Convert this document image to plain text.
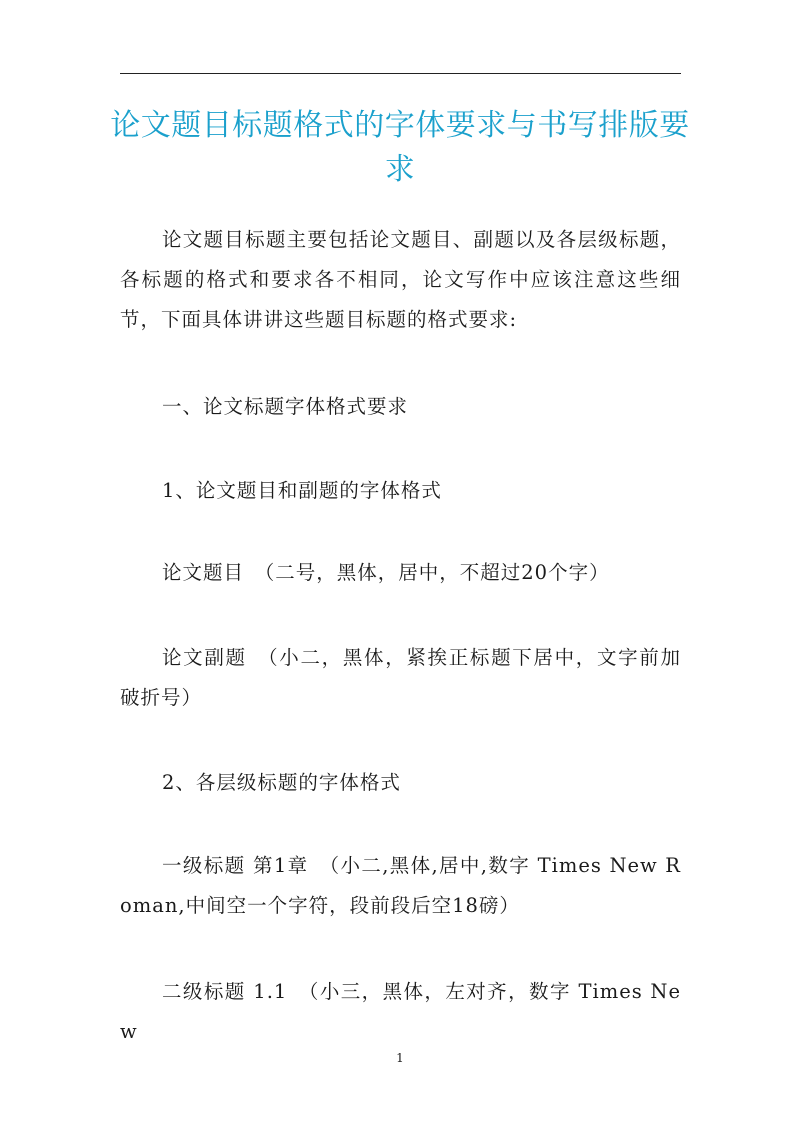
论文题目标题格式的字体要求与书写排版要求

论文题目标题主要包括论文题目、副题以及各层级标题，各标题的格式和要求各不相同，论文写作中应该注意这些细节，下面具体讲讲这些题目标题的格式要求:

一、论文标题字体格式要求

1、论文题目和副题的字体格式

论文题目　（二号，黑体，居中，不超过20个字）

论文副题　（小二，黑体，紧挨正标题下居中，文字前加破折号）

2、各层级标题的字体格式

一级标题 第1章　（小二,黑体,居中,数字 Times New Roman,中间空一个字符，段前段后空18磅）

二级标题 1.1　（小三，黑体，左对齐，数字 Times New

1
